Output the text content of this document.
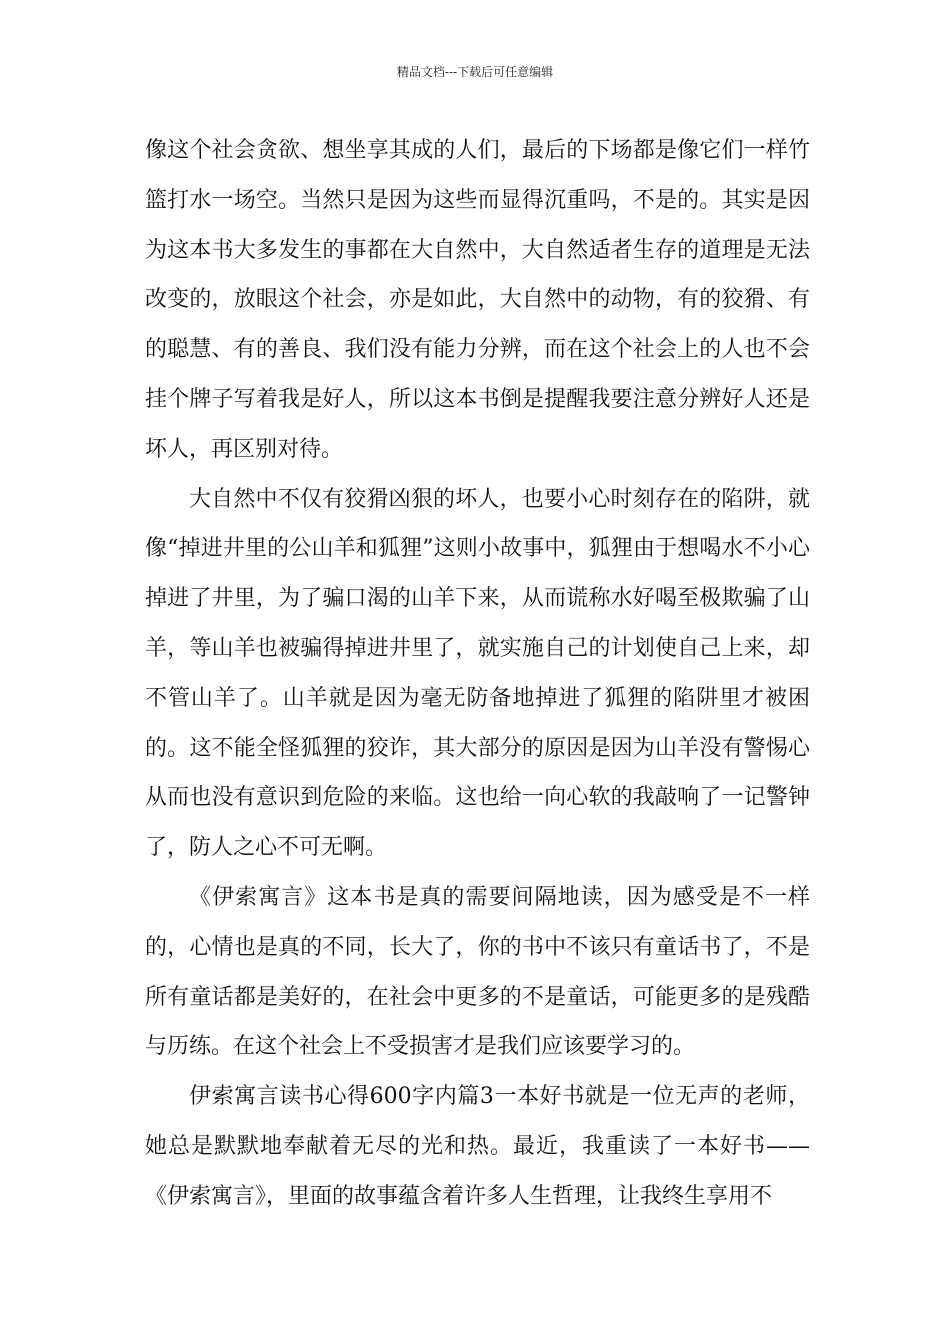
精品文档---下载后可任意编辑

像这个社会贪欲、想坐享其成的人们，最后的下场都是像它们一样竹篮打水一场空。当然只是因为这些而显得沉重吗，不是的。其实是因为这本书大多发生的事都在大自然中，大自然适者生存的道理是无法改变的，放眼这个社会，亦是如此，大自然中的动物，有的狡猾、有的聪慧、有的善良、我们没有能力分辨，而在这个社会上的人也不会挂个牌子写着我是好人，所以这本书倒是提醒我要注意分辨好人还是坏人，再区别对待。

大自然中不仅有狡猾凶狠的坏人，也要小心时刻存在的陷阱，就像“掉进井里的公山羊和狐狸”这则小故事中，狐狸由于想喝水不小心掉进了井里，为了骗口渴的山羊下来，从而谎称水好喝至极欺骗了山羊，等山羊也被骗得掉进井里了，就实施自己的计划使自己上来，却不管山羊了。山羊就是因为毫无防备地掉进了狐狸的陷阱里才被困的。这不能全怪狐狸的狡诈，其大部分的原因是因为山羊没有警惕心从而也没有意识到危险的来临。这也给一向心软的我敲响了一记警钟了，防人之心不可无啊。

《伊索寓言》这本书是真的需要间隔地读，因为感受是不一样的，心情也是真的不同，长大了，你的书中不该只有童话书了，不是所有童话都是美好的，在社会中更多的不是童话，可能更多的是残酷与历练。在这个社会上不受损害才是我们应该要学习的。

伊索寓言读书心得600字内篇3一本好书就是一位无声的老师，她总是默默地奉献着无尽的光和热。最近，我重读了一本好书——《伊索寓言》，里面的故事蕴含着许多人生哲理，让我终生享用不
